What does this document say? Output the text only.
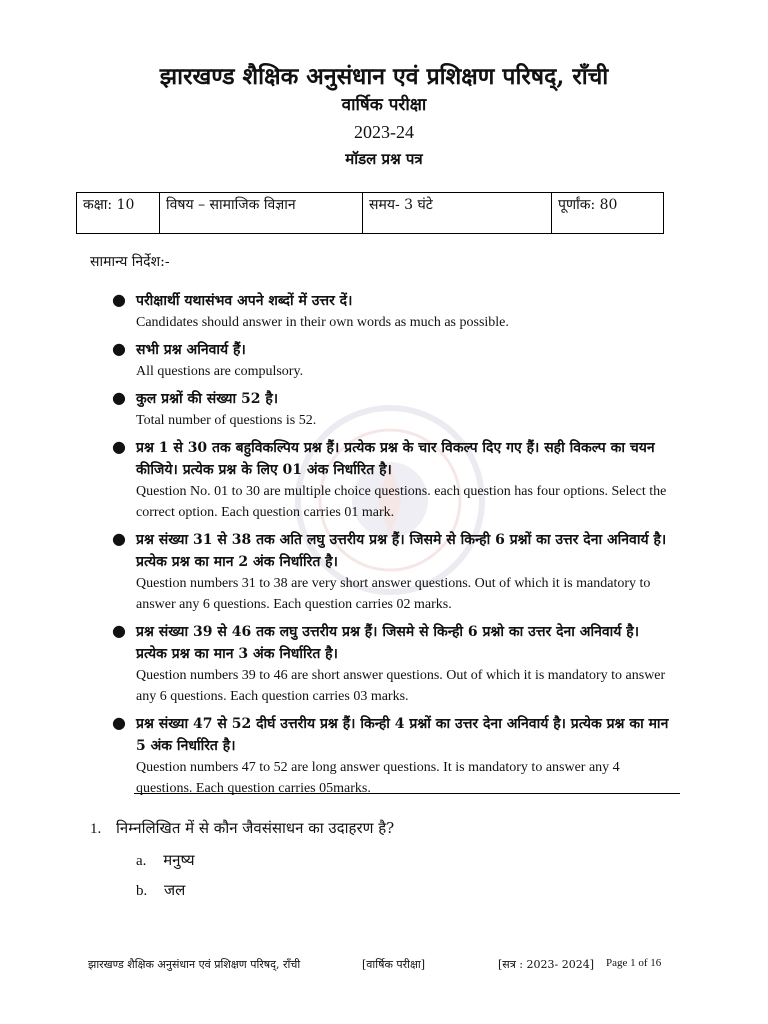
झारखण्ड शैक्षिक अनुसंधान एवं प्रशिक्षण परिषद्, राँची
वार्षिक परीक्षा
2023-24
मॉडल प्रश्न पत्र
कक्षा: 10	विषय – सामाजिक विज्ञान	समय- 3 घंटे	पूर्णांक: 80
सामान्य निर्देश:-
● परीक्षार्थी यथासंभव अपने शब्दों में उत्तर दें।
Candidates should answer in their own words as much as possible.
● सभी प्रश्न अनिवार्य हैं।
All questions are compulsory.
● कुल प्रश्नों की संख्या 52 है।
Total number of questions is 52.
● प्रश्न 1 से 30 तक बहुविकल्पिय प्रश्न हैं। प्रत्येक प्रश्न के चार विकल्प दिए गए हैं। सही विकल्प का चयन कीजिये। प्रत्येक प्रश्न के लिए 01 अंक निर्धारित है।
Question No. 01 to 30 are multiple choice questions. each question has four options. Select the correct option. Each question carries 01 mark.
● प्रश्न संख्या 31 से 38 तक अति लघु उत्तरीय प्रश्न हैं। जिसमे से किन्ही 6 प्रश्नों का उत्तर देना अनिवार्य है। प्रत्येक प्रश्न का मान 2 अंक निर्धारित है।
Question numbers 31 to 38 are very short answer questions. Out of which it is mandatory to answer any 6 questions. Each question carries 02 marks.
● प्रश्न संख्या 39 से 46 तक लघु उत्तरीय प्रश्न हैं। जिसमे से किन्ही 6 प्रश्नो का उत्तर देना अनिवार्य है। प्रत्येक प्रश्न का मान 3 अंक निर्धारित है।
Question numbers 39 to 46 are short answer questions. Out of which it is mandatory to answer any 6 questions. Each question carries 03 marks.
● प्रश्न संख्या 47 से 52 दीर्घ उत्तरीय प्रश्न हैं। किन्ही 4 प्रश्नों का उत्तर देना अनिवार्य है। प्रत्येक प्रश्न का मान 5 अंक निर्धारित है।
Question numbers 47 to 52 are long answer questions. It is mandatory to answer any 4 questions. Each question carries 05marks.
1. निम्नलिखित में से कौन जैवसंसाधन का उदाहरण है?
a. मनुष्य
b. जल
झारखण्ड शैक्षिक अनुसंधान एवं प्रशिक्षण परिषद्, राँची	[वार्षिक परीक्षा]	[सत्र : 2023- 2024] Page 1 of 16
